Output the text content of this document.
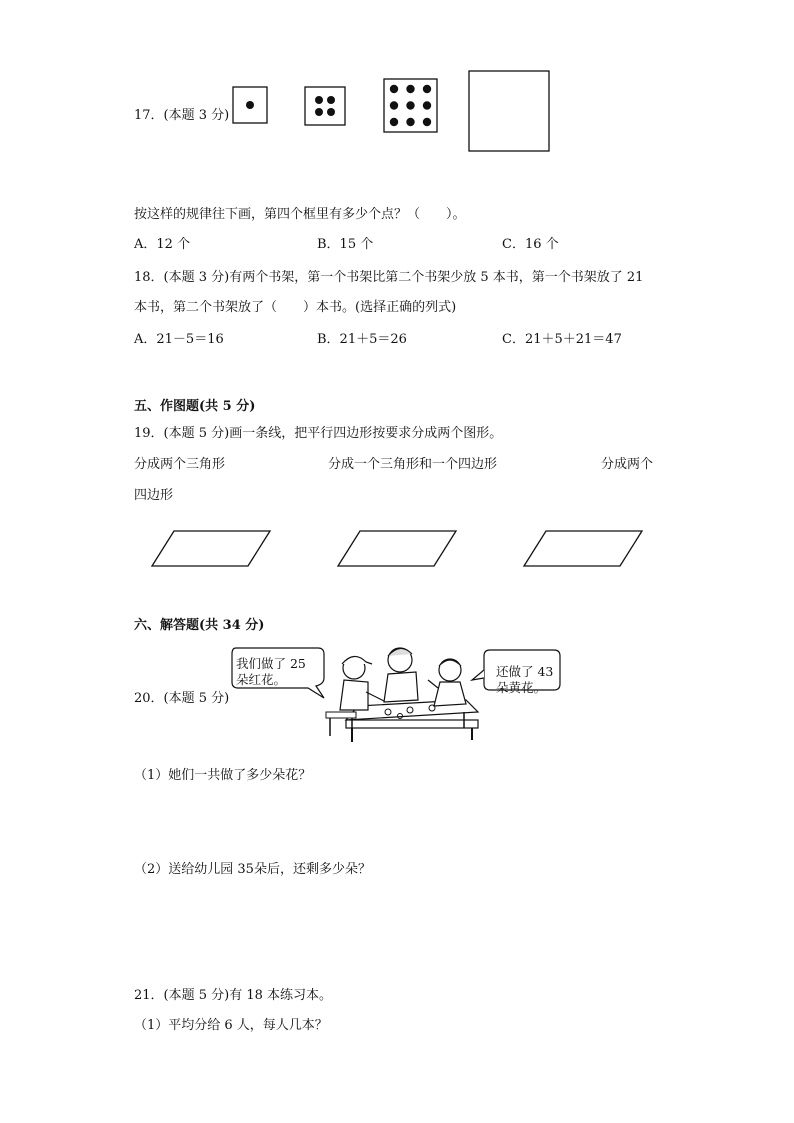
17．(本题 3 分)
按这样的规律往下画，第四个框里有多少个点？（　　）。
A．12 个	B．15 个	C．16 个
18．(本题 3 分)有两个书架，第一个书架比第二个书架少放 5 本书，第一个书架放了 21
本书，第二个书架放了（　　）本书。(选择正确的列式)
A．21－5＝16	B．21＋5＝26	C．21＋5＋21＝47
五、作图题(共 5 分)
19．(本题 5 分)画一条线，把平行四边形按要求分成两个图形。
分成两个三角形	分成一个三角形和一个四边形	分成两个
四边形
六、解答题(共 34 分)
20．(本题 5 分)
我们做了 25
朵红花。
还做了 43
朵黄花。
（1）她们一共做了多少朵花？
（2）送给幼儿园 35朵后，还剩多少朵？
21．(本题 5 分)有 18 本练习本。
（1）平均分给 6 人，每人几本？
